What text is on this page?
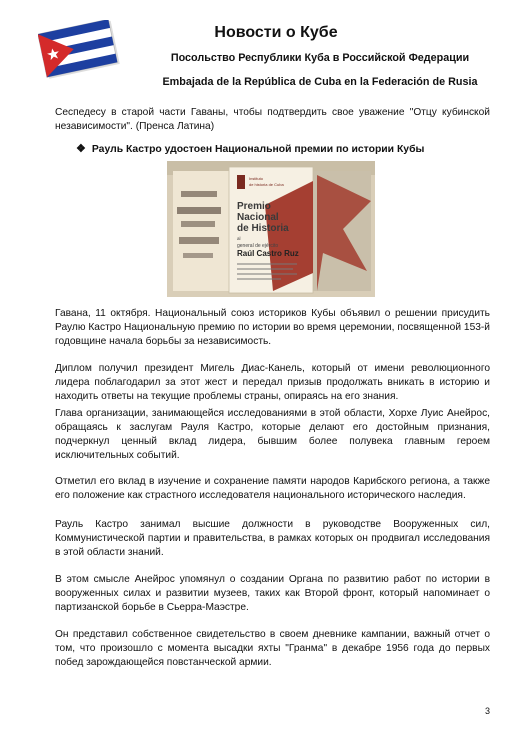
Новости о Кубе
Посольство Республики Куба в Российской Федерации
Embajada de la República de Cuba en la Federación de Rusia
Сеспедесу в старой части Гаваны, чтобы подтвердить свое уважение "Отцу кубинской независимости". (Пренса Латина)
❖ Рауль Кастро удостоен Национальной премии по истории Кубы
Instituto
de historia de Cuba
Premio
Nacional
de Historia
al
general de ejército
Raúl Castro Ruz
Гавана, 11 октября. Национальный союз историков Кубы объявил о решении присудить Раулю Кастро Национальную премию по истории во время церемонии, посвященной 153-й годовщине начала борьбы за независимость.
Диплом получил президент Мигель Диас-Канель, который от имени революционного лидера поблагодарил за этот жест и передал призыв продолжать вникать в историю и находить ответы на текущие проблемы страны, опираясь на его знания.
Глава организации, занимающейся исследованиями в этой области, Хорхе Луис Анейрос, обращаясь к заслугам Рауля Кастро, которые делают его достойным признания, подчеркнул ценный вклад лидера, бывшим более полувека главным героем исключительных событий.
Отметил его вклад в изучение и сохранение памяти народов Карибского региона, а также его положение как страстного исследователя национального исторического наследия.
Рауль Кастро занимал высшие должности в руководстве Вооруженных сил, Коммунистической партии и правительства, в рамках которых он продвигал исследования в этой области знаний.
В этом смысле Анейрос упомянул о создании Органа по развитию работ по истории в вооруженных силах и развитии музеев, таких как Второй фронт, который напоминает о партизанской борьбе в Сьерра-Маэстре.
Он представил собственное свидетельство в своем дневнике кампании, важный отчет о том, что произошло с момента высадки яхты "Гранма" в декабре 1956 года до первых побед зарождающейся повстанческой армии.
3
